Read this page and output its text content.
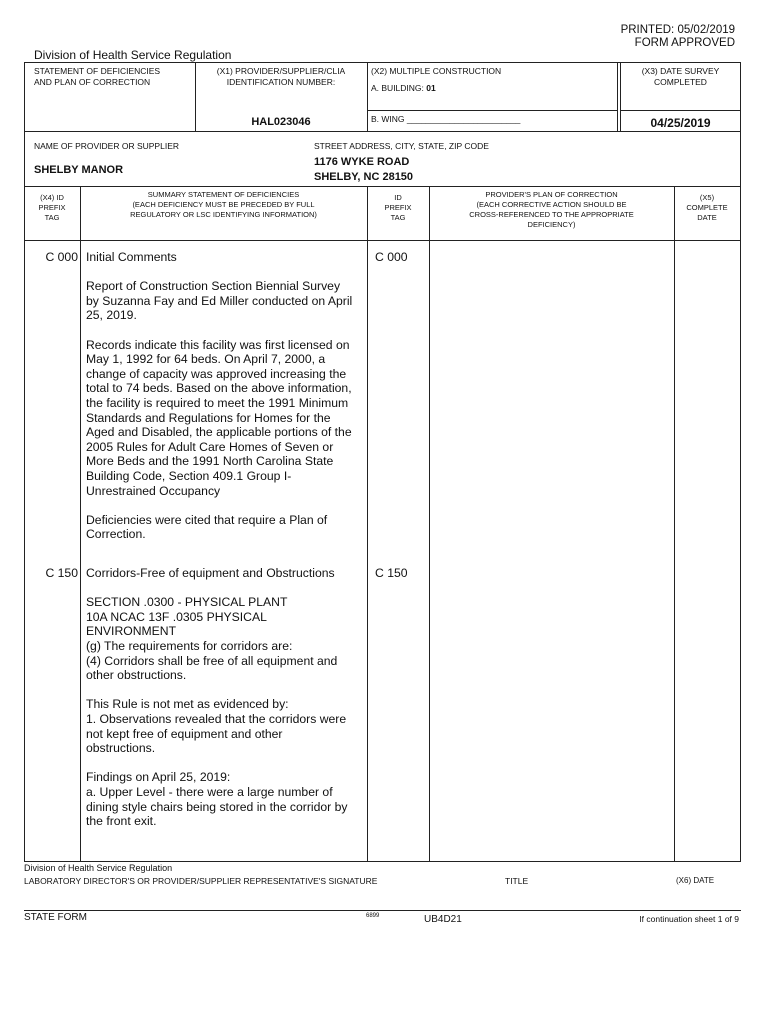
PRINTED: 05/02/2019
FORM APPROVED
Division of Health Service Regulation
STATEMENT OF DEFICIENCIES
AND PLAN OF CORRECTION
(X1) PROVIDER/SUPPLIER/CLIA
IDENTIFICATION NUMBER:
HAL023046
(X2) MULTIPLE CONSTRUCTION
A. BUILDING: 01
B. WING ________________________
(X3) DATE SURVEY
COMPLETED
04/25/2019
NAME OF PROVIDER OR SUPPLIER
SHELBY MANOR
STREET ADDRESS, CITY, STATE, ZIP CODE
1176 WYKE ROAD
SHELBY, NC 28150
(X4) ID
PREFIX
TAG
SUMMARY STATEMENT OF DEFICIENCIES
(EACH DEFICIENCY MUST BE PRECEDED BY FULL
REGULATORY OR LSC IDENTIFYING INFORMATION)
ID
PREFIX
TAG
PROVIDER'S PLAN OF CORRECTION
(EACH CORRECTIVE ACTION SHOULD BE
CROSS-REFERENCED TO THE APPROPRIATE
DEFICIENCY)
(X5)
COMPLETE
DATE
C 000	C 000
Initial Comments
Report of Construction Section Biennial Survey
by Suzanna Fay and Ed Miller conducted on April
25, 2019.
Records indicate this facility was first licensed on
May 1, 1992 for 64 beds. On April 7, 2000, a
change of capacity was approved increasing the
total to 74 beds. Based on the above information,
the facility is required to meet the 1991 Minimum
Standards and Regulations for Homes for the
Aged and Disabled, the applicable portions of the
2005 Rules for Adult Care Homes of Seven or
More Beds and the 1991 North Carolina State
Building Code, Section 409.1 Group I-
Unrestrained Occupancy
Deficiencies were cited that require a Plan of
Correction.
C 150	C 150
Corridors-Free of equipment and Obstructions
SECTION .0300 - PHYSICAL PLANT
10A NCAC 13F .0305 PHYSICAL
ENVIRONMENT
(g) The requirements for corridors are:
(4) Corridors shall be free of all equipment and
other obstructions.
This Rule is not met as evidenced by:
1. Observations revealed that the corridors were
not kept free of equipment and other
obstructions.
Findings on April 25, 2019:
a. Upper Level - there were a large number of
dining style chairs being stored in the corridor by
the front exit.
Division of Health Service Regulation
LABORATORY DIRECTOR'S OR PROVIDER/SUPPLIER REPRESENTATIVE'S SIGNATURE	TITLE	(X6) DATE
STATE FORM	6899	UB4D21	If continuation sheet 1 of 9
